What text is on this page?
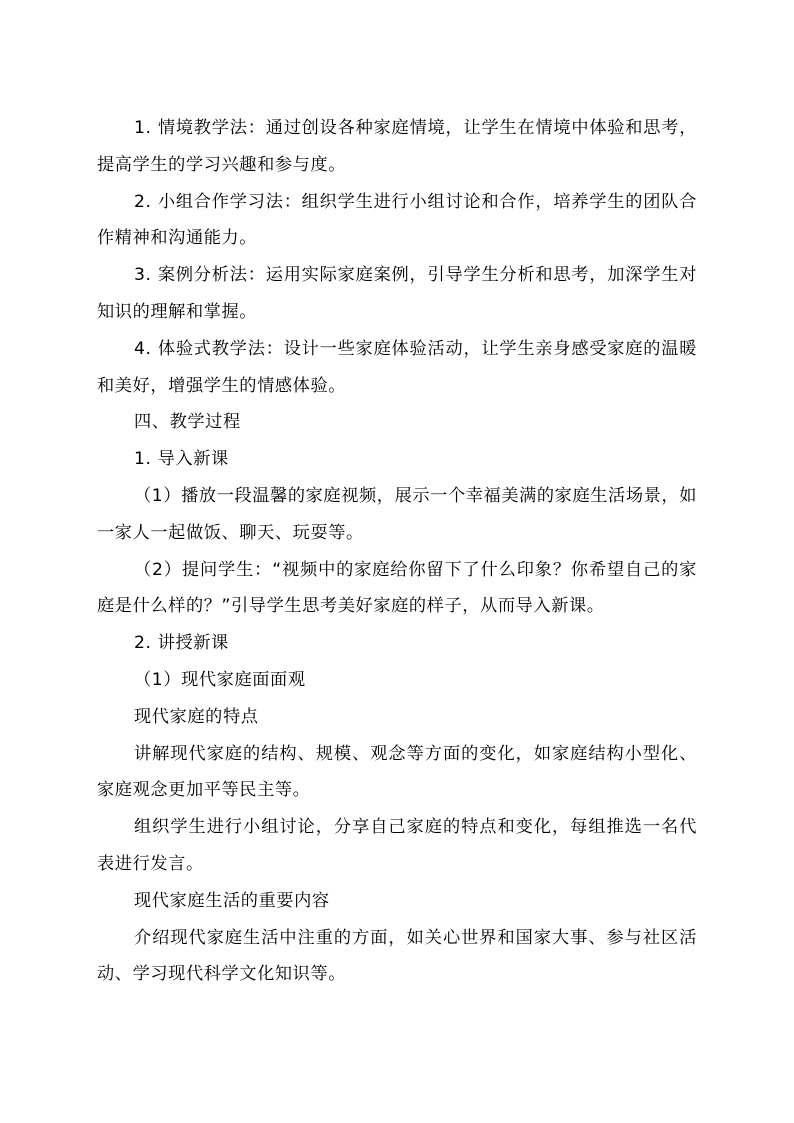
1. 情境教学法：通过创设各种家庭情境，让学生在情境中体验和思考，提高学生的学习兴趣和参与度。

2. 小组合作学习法：组织学生进行小组讨论和合作，培养学生的团队合作精神和沟通能力。

3. 案例分析法：运用实际家庭案例，引导学生分析和思考，加深学生对知识的理解和掌握。

4. 体验式教学法：设计一些家庭体验活动，让学生亲身感受家庭的温暖和美好，增强学生的情感体验。

四、教学过程

1. 导入新课

（1）播放一段温馨的家庭视频，展示一个幸福美满的家庭生活场景，如一家人一起做饭、聊天、玩耍等。

（2）提问学生：“视频中的家庭给你留下了什么印象？你希望自己的家庭是什么样的？”引导学生思考美好家庭的样子，从而导入新课。

2. 讲授新课

（1）现代家庭面面观

现代家庭的特点

讲解现代家庭的结构、规模、观念等方面的变化，如家庭结构小型化、家庭观念更加平等民主等。

组织学生进行小组讨论，分享自己家庭的特点和变化，每组推选一名代表进行发言。

现代家庭生活的重要内容

介绍现代家庭生活中注重的方面，如关心世界和国家大事、参与社区活动、学习现代科学文化知识等。
